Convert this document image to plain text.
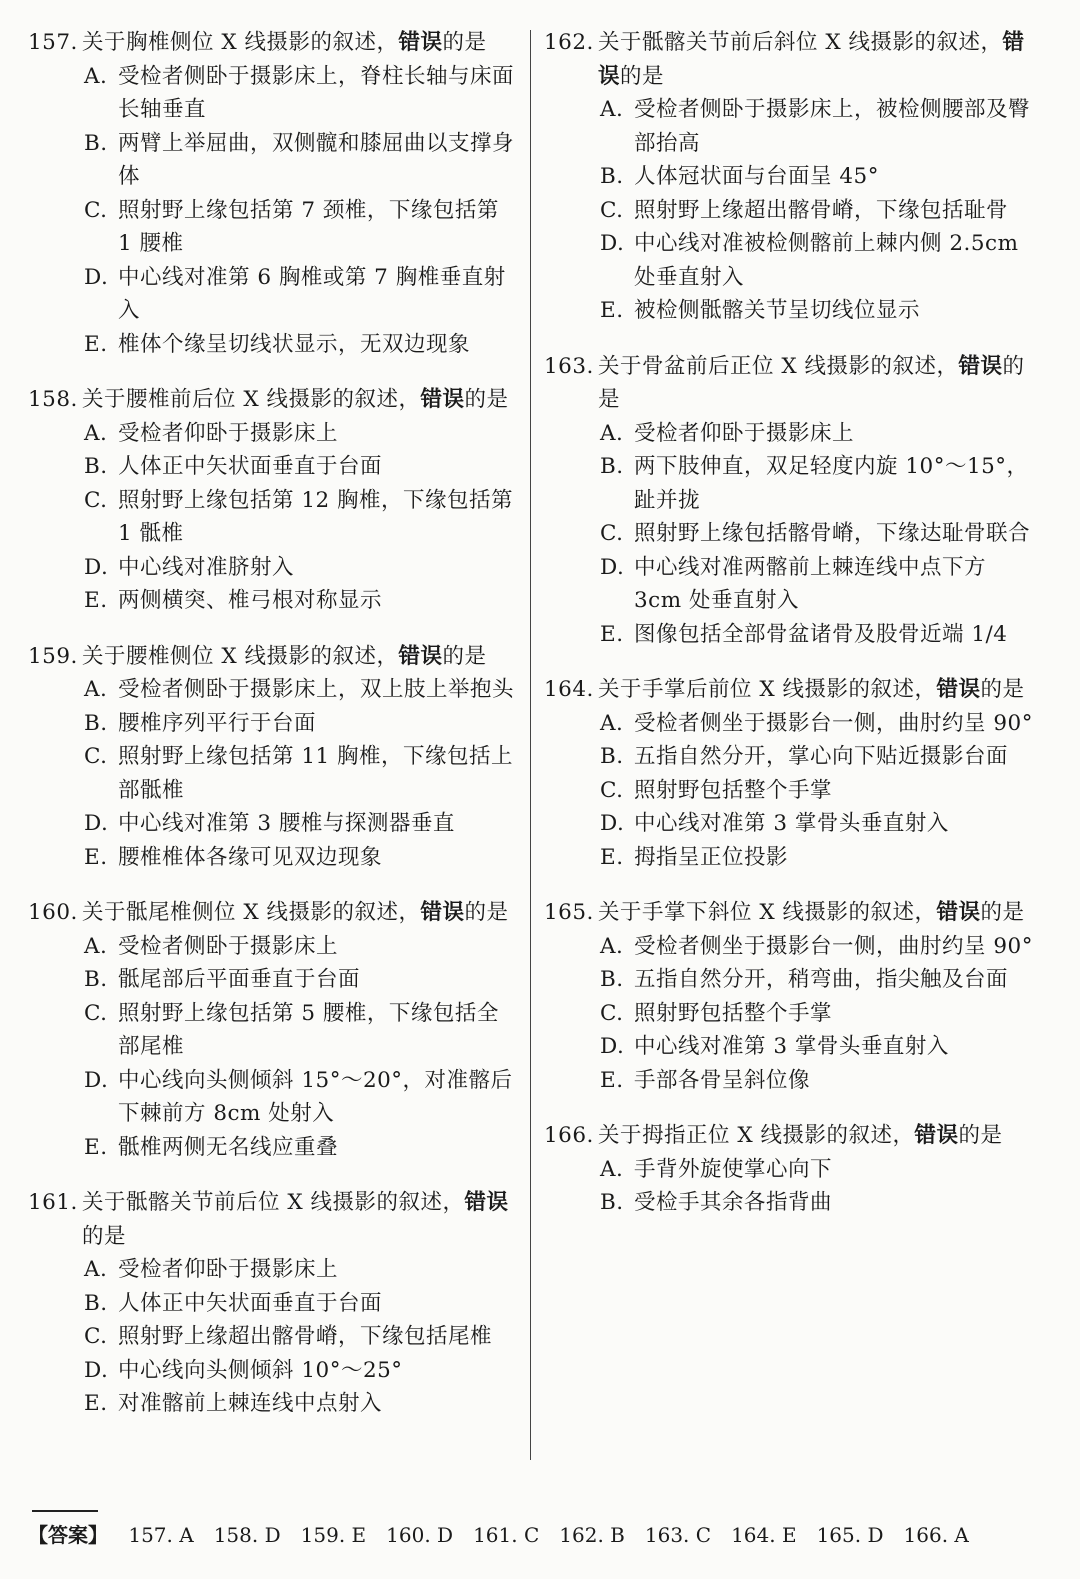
157. 关于胸椎侧位 X 线摄影的叙述，错误的是
A. 受检者侧卧于摄影床上，脊柱长轴与床面长轴垂直
B. 两臂上举屈曲，双侧髋和膝屈曲以支撑身体
C. 照射野上缘包括第 7 颈椎，下缘包括第 1 腰椎
D. 中心线对准第 6 胸椎或第 7 胸椎垂直射入
E. 椎体个缘呈切线状显示，无双边现象
158. 关于腰椎前后位 X 线摄影的叙述，错误的是
A. 受检者仰卧于摄影床上
B. 人体正中矢状面垂直于台面
C. 照射野上缘包括第 12 胸椎，下缘包括第 1 骶椎
D. 中心线对准脐射入
E. 两侧横突、椎弓根对称显示
159. 关于腰椎侧位 X 线摄影的叙述，错误的是
A. 受检者侧卧于摄影床上，双上肢上举抱头
B. 腰椎序列平行于台面
C. 照射野上缘包括第 11 胸椎，下缘包括上部骶椎
D. 中心线对准第 3 腰椎与探测器垂直
E. 腰椎椎体各缘可见双边现象
160. 关于骶尾椎侧位 X 线摄影的叙述，错误的是
A. 受检者侧卧于摄影床上
B. 骶尾部后平面垂直于台面
C. 照射野上缘包括第 5 腰椎，下缘包括全部尾椎
D. 中心线向头侧倾斜 15°～20°，对准髂后下棘前方 8cm 处射入
E. 骶椎两侧无名线应重叠
161. 关于骶髂关节前后位 X 线摄影的叙述，错误的是
A. 受检者仰卧于摄影床上
B. 人体正中矢状面垂直于台面
C. 照射野上缘超出髂骨嵴，下缘包括尾椎
D. 中心线向头侧倾斜 10°～25°
E. 对准髂前上棘连线中点射入
162. 关于骶髂关节前后斜位 X 线摄影的叙述，错误的是
A. 受检者侧卧于摄影床上，被检侧腰部及臀部抬高
B. 人体冠状面与台面呈 45°
C. 照射野上缘超出髂骨嵴，下缘包括耻骨
D. 中心线对准被检侧髂前上棘内侧 2.5cm 处垂直射入
E. 被检侧骶髂关节呈切线位显示
163. 关于骨盆前后正位 X 线摄影的叙述，错误的是
A. 受检者仰卧于摄影床上
B. 两下肢伸直，双足轻度内旋 10°～15°，趾并拢
C. 照射野上缘包括髂骨嵴，下缘达耻骨联合
D. 中心线对准两髂前上棘连线中点下方 3cm 处垂直射入
E. 图像包括全部骨盆诸骨及股骨近端 1/4
164. 关于手掌后前位 X 线摄影的叙述，错误的是
A. 受检者侧坐于摄影台一侧，曲肘约呈 90°
B. 五指自然分开，掌心向下贴近摄影台面
C. 照射野包括整个手掌
D. 中心线对准第 3 掌骨头垂直射入
E. 拇指呈正位投影
165. 关于手掌下斜位 X 线摄影的叙述，错误的是
A. 受检者侧坐于摄影台一侧，曲肘约呈 90°
B. 五指自然分开，稍弯曲，指尖触及台面
C. 照射野包括整个手掌
D. 中心线对准第 3 掌骨头垂直射入
E. 手部各骨呈斜位像
166. 关于拇指正位 X 线摄影的叙述，错误的是
A. 手背外旋使掌心向下
B. 受检手其余各指背曲
【答案】 157. A 158. D 159. E 160. D 161. C 162. B 163. C 164. E 165. D 166. A
